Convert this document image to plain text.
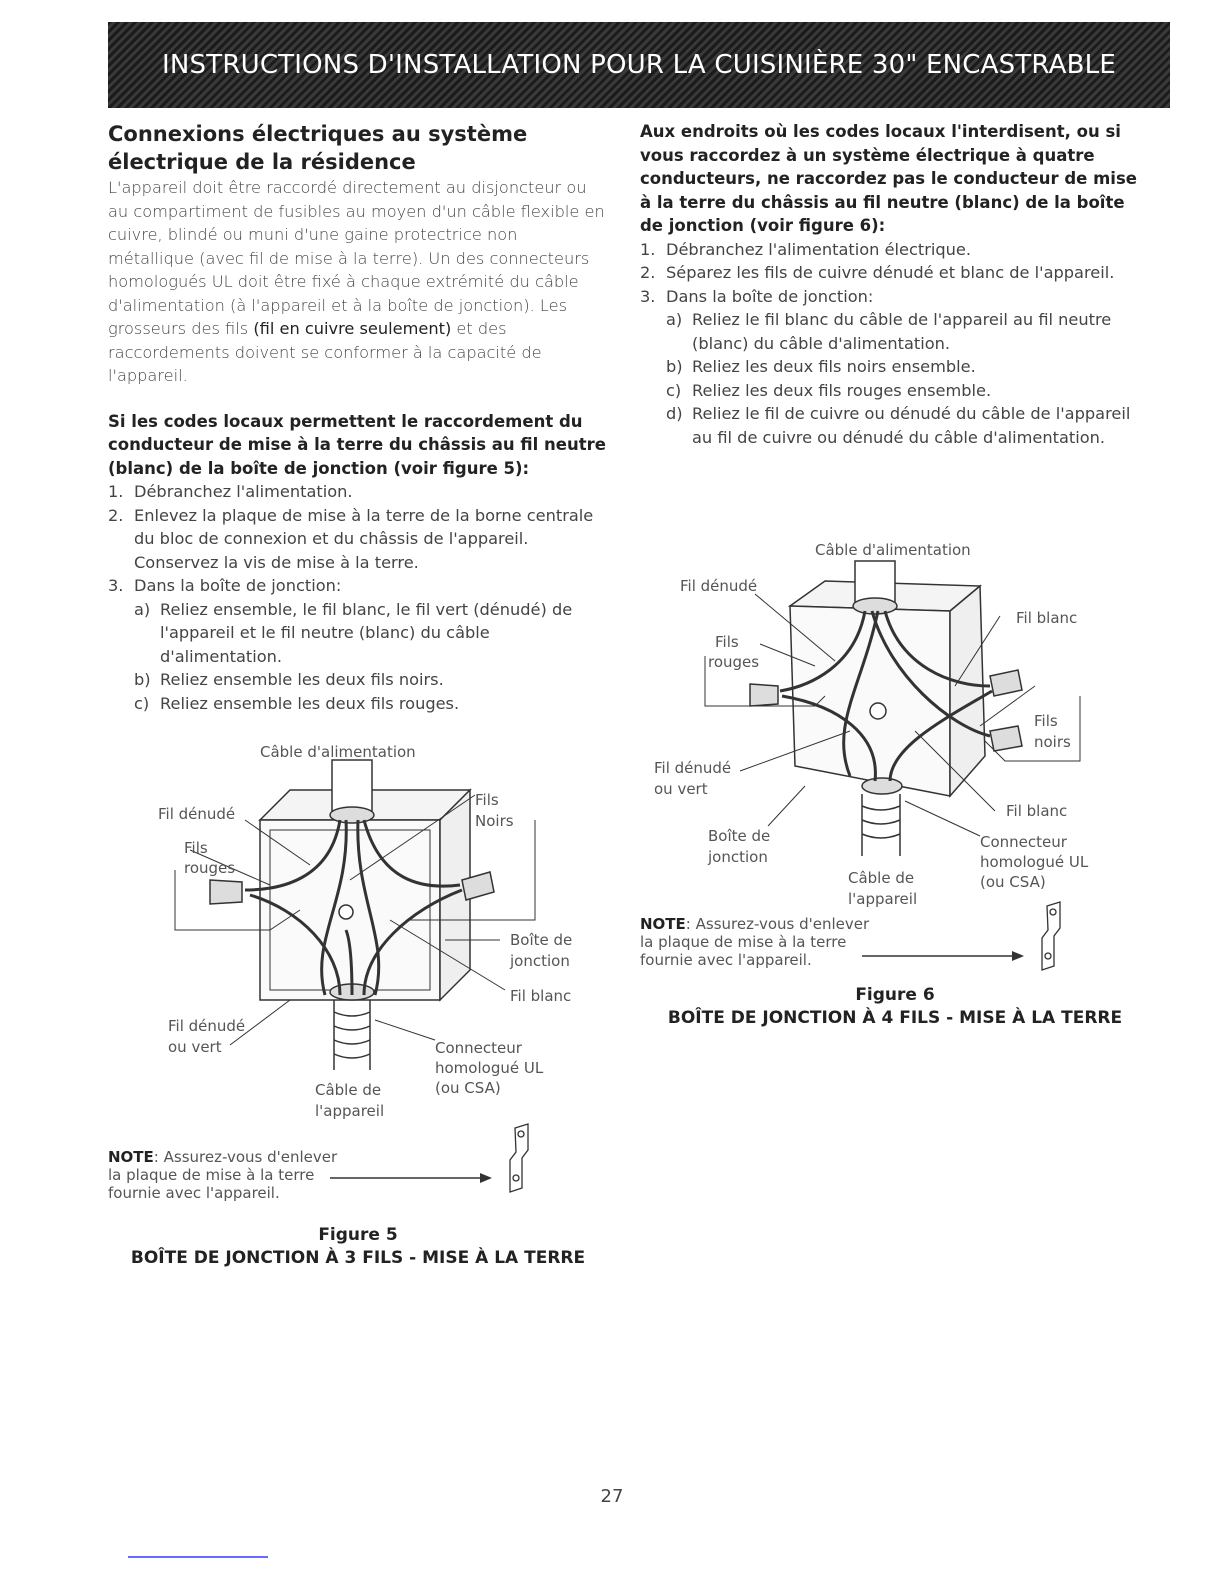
INSTRUCTIONS D'INSTALLATION POUR LA CUISINIÈRE 30" ENCASTRABLE
Connexions électriques au système
électrique de la résidence

L'appareil doit être raccordé directement au disjoncteur ou au compartiment de fusibles au moyen d'un câble flexible en cuivre, blindé ou muni d'une gaine protectrice non métallique (avec fil de mise à la terre). Un des connecteurs homologués UL doit être fixé à chaque extrémité du câble d'alimentation (à l'appareil et à la boîte de jonction). Les grosseurs des fils (fil en cuivre seulement) et des raccordements doivent se conformer à la capacité de l'appareil.

Si les codes locaux permettent le raccordement du conducteur de mise à la terre du châssis au fil neutre (blanc) de la boîte de jonction (voir figure 5):

1. Débranchez l'alimentation.
2. Enlevez la plaque de mise à la terre de la borne centrale du bloc de connexion et du châssis de l'appareil. Conservez la vis de mise à la terre.
3. Dans la boîte de jonction:
a) Reliez ensemble, le fil blanc, le fil vert (dénudé) de l'appareil et le fil neutre (blanc) du câble d'alimentation.
b) Reliez ensemble les deux fils noirs.
c) Reliez ensemble les deux fils rouges.
Câble d'alimentation
Fil dénudé
Fils
rouges
Fils
Noirs
Boîte de
jonction
Fil blanc
Fil dénudé
ou vert	Connecteur
homologué UL
(ou CSA)
Câble de
l'appareil
NOTE: Assurez-vous d'enlever
la plaque de mise à la terre
fournie avec l'appareil.
Figure 5
BOÎTE DE JONCTION À 3 FILS - MISE À LA TERRE

Aux endroits où les codes locaux l'interdisent, ou si vous raccordez à un système électrique à quatre conducteurs, ne raccordez pas le conducteur de mise à la terre du châssis au fil neutre (blanc) de la boîte de jonction (voir figure 6):

1. Débranchez l'alimentation électrique.
2. Séparez les fils de cuivre dénudé et blanc de l'appareil.
3. Dans la boîte de jonction:
a) Reliez le fil blanc du câble de l'appareil au fil neutre (blanc) du câble d'alimentation.
b) Reliez les deux fils noirs ensemble.
c) Reliez les deux fils rouges ensemble.
d) Reliez le fil de cuivre ou dénudé du câble de l'appareil au fil de cuivre ou dénudé du câble d'alimentation.
Câble d'alimentation
Fil dénudé
Fils
rouges
Fil blanc
Fils
noirs
Fil dénudé
ou vert
Fil blanc
Boîte de
jonction
Connecteur
homologué UL
(ou CSA)
Câble de
l'appareil
NOTE: Assurez-vous d'enlever
la plaque de mise à la terre
fournie avec l'appareil.
Figure 6
BOÎTE DE JONCTION À 4 FILS - MISE À LA TERRE
27
